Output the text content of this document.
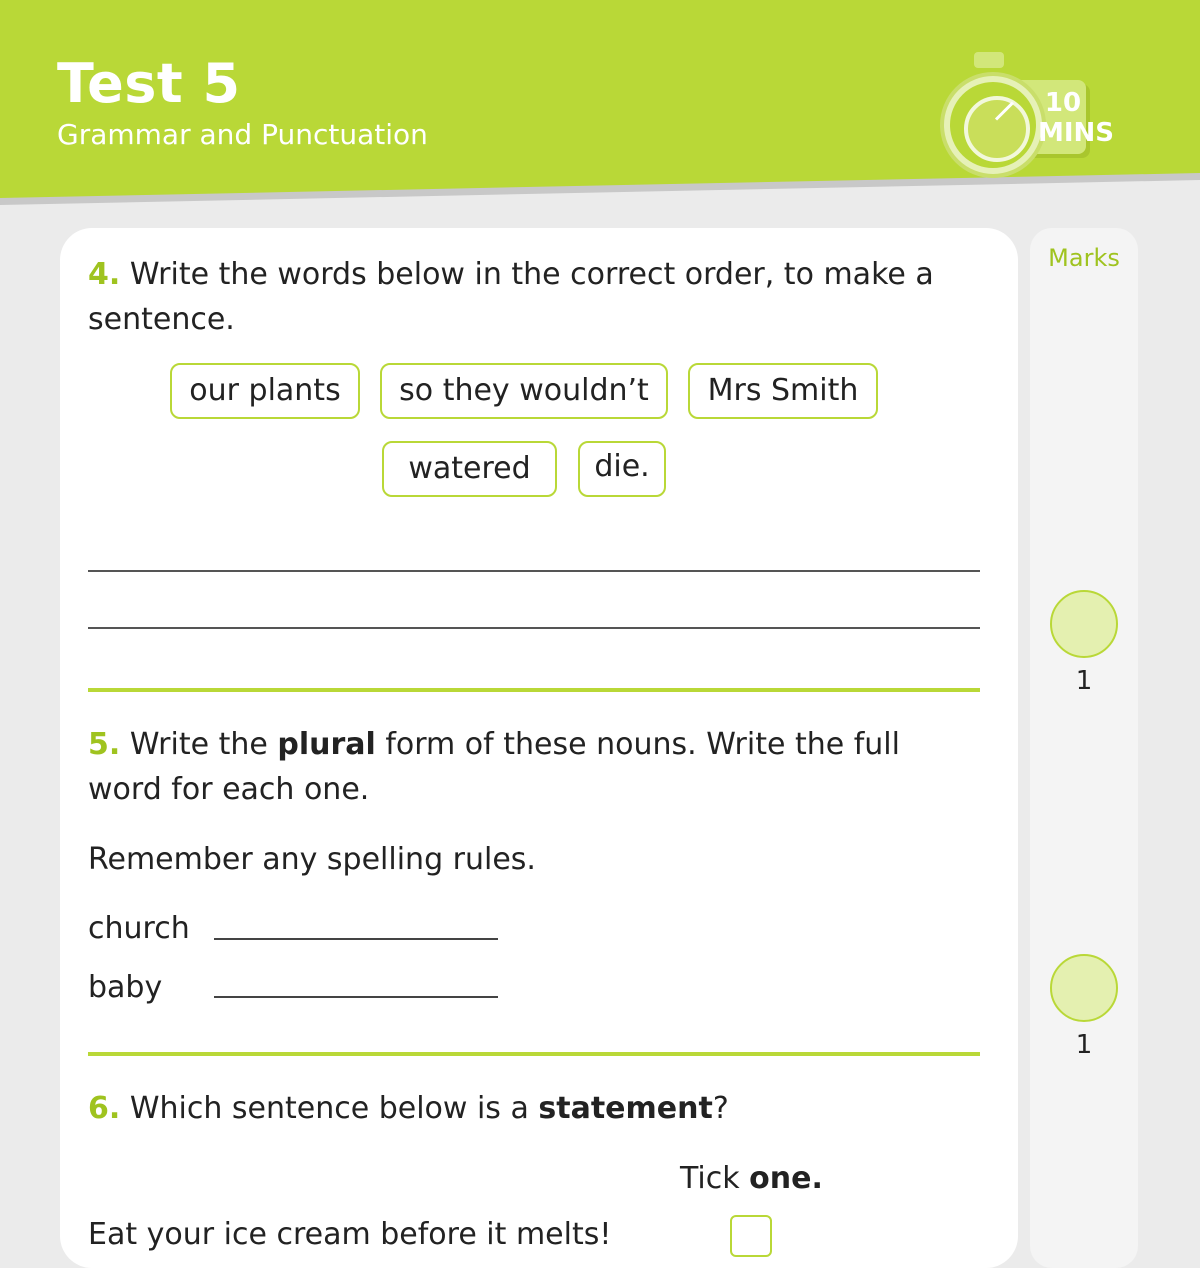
Test 5
Grammar and Punctuation
10
MINS
Marks
4. Write the words below in the correct order, to make a sentence.
our plants	so they wouldn’t	Mrs Smith
watered	die.
1
5. Write the plural form of these nouns. Write the full word for each one.
Remember any spelling rules.
church
baby
1
6. Which sentence below is a statement?
Tick one.
Eat your ice cream before it melts!
